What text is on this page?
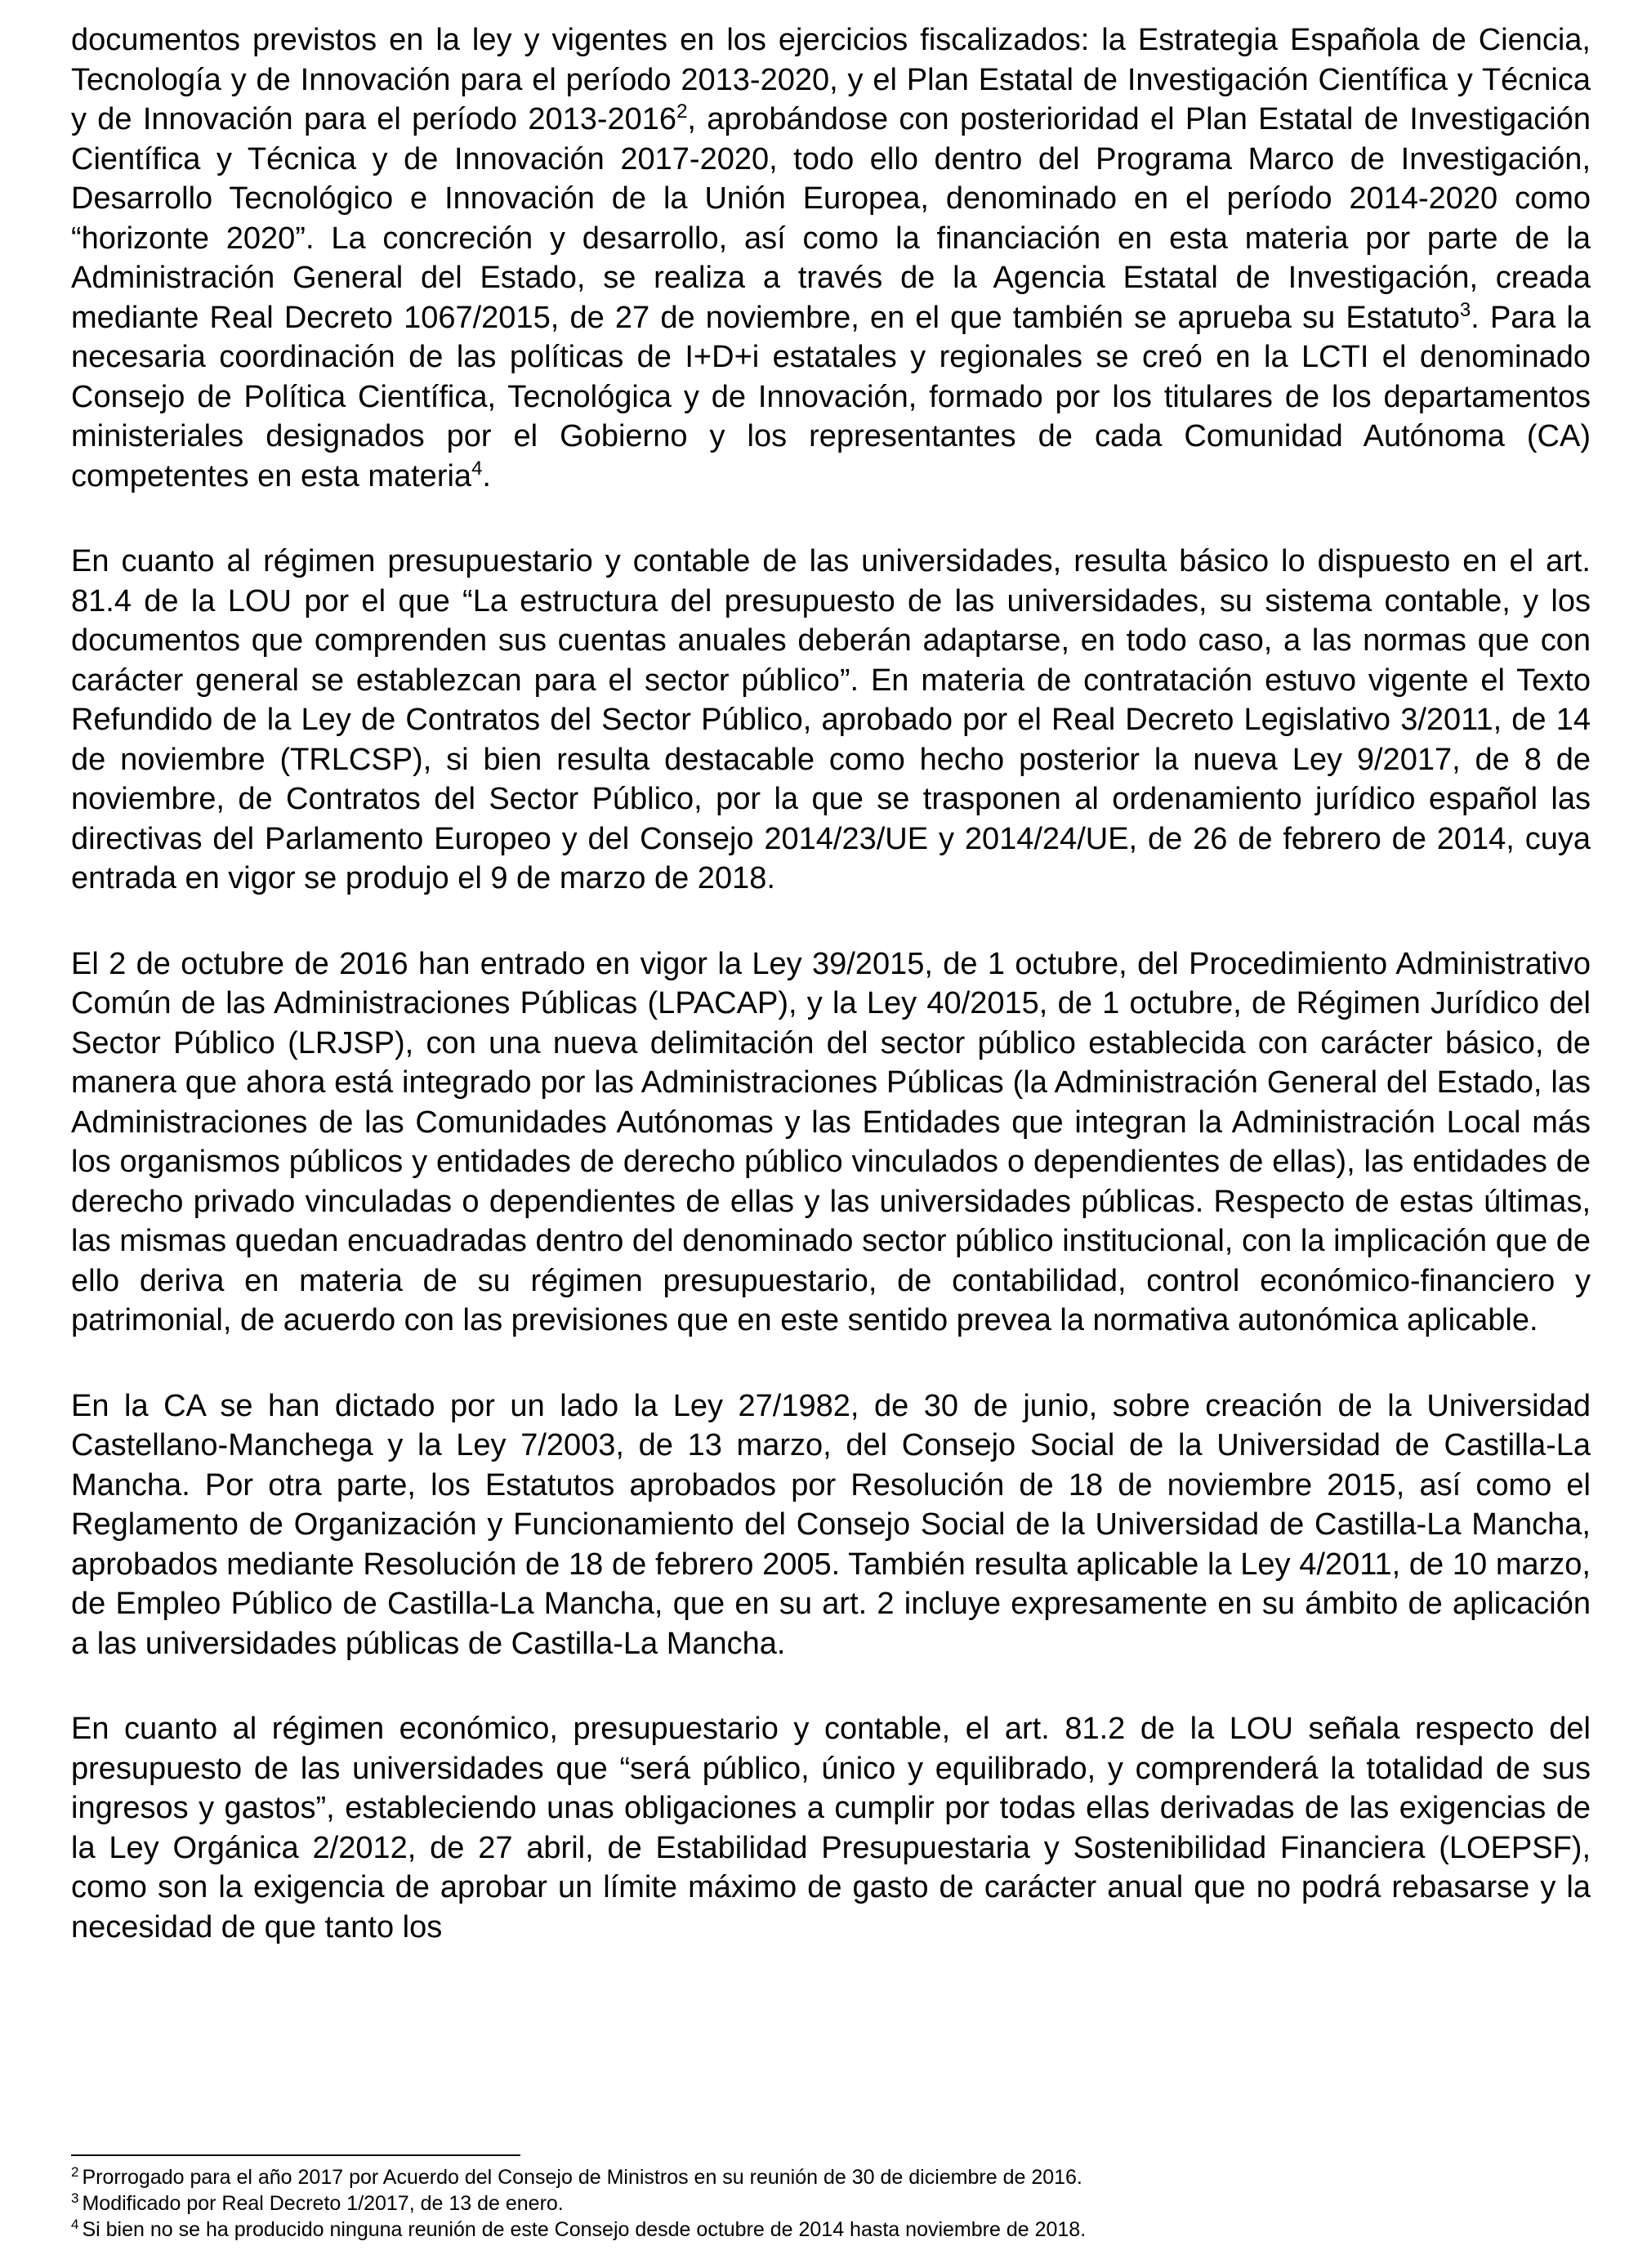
documentos previstos en la ley y vigentes en los ejercicios fiscalizados: la Estrategia Española de Ciencia, Tecnología y de Innovación para el período 2013-2020, y el Plan Estatal de Investigación Científica y Técnica y de Innovación para el período 2013-2016$^2$, aprobándose con posterioridad el Plan Estatal de Investigación Científica y Técnica y de Innovación 2017-2020, todo ello dentro del Programa Marco de Investigación, Desarrollo Tecnológico e Innovación de la Unión Europea, denominado en el período 2014-2020 como “horizonte 2020”. La concreción y desarrollo, así como la financiación en esta materia por parte de la Administración General del Estado, se realiza a través de la Agencia Estatal de Investigación, creada mediante Real Decreto 1067/2015, de 27 de noviembre, en el que también se aprueba su Estatuto$^3$. Para la necesaria coordinación de las políticas de I+D+i estatales y regionales se creó en la LCTI el denominado Consejo de Política Científica, Tecnológica y de Innovación, formado por los titulares de los departamentos ministeriales designados por el Gobierno y los representantes de cada Comunidad Autónoma (CA) competentes en esta materia$^4$.

En cuanto al régimen presupuestario y contable de las universidades, resulta básico lo dispuesto en el art. 81.4 de la LOU por el que “La estructura del presupuesto de las universidades, su sistema contable, y los documentos que comprenden sus cuentas anuales deberán adaptarse, en todo caso, a las normas que con carácter general se establezcan para el sector público”. En materia de contratación estuvo vigente el Texto Refundido de la Ley de Contratos del Sector Público, aprobado por el Real Decreto Legislativo 3/2011, de 14 de noviembre (TRLCSP), si bien resulta destacable como hecho posterior la nueva Ley 9/2017, de 8 de noviembre, de Contratos del Sector Público, por la que se trasponen al ordenamiento jurídico español las directivas del Parlamento Europeo y del Consejo 2014/23/UE y 2014/24/UE, de 26 de febrero de 2014, cuya entrada en vigor se produjo el 9 de marzo de 2018.

El 2 de octubre de 2016 han entrado en vigor la Ley 39/2015, de 1 octubre, del Procedimiento Administrativo Común de las Administraciones Públicas (LPACAP), y la Ley 40/2015, de 1 octubre, de Régimen Jurídico del Sector Público (LRJSP), con una nueva delimitación del sector público establecida con carácter básico, de manera que ahora está integrado por las Administraciones Públicas (la Administración General del Estado, las Administraciones de las Comunidades Autónomas y las Entidades que integran la Administración Local más los organismos públicos y entidades de derecho público vinculados o dependientes de ellas), las entidades de derecho privado vinculadas o dependientes de ellas y las universidades públicas. Respecto de estas últimas, las mismas quedan encuadradas dentro del denominado sector público institucional, con la implicación que de ello deriva en materia de su régimen presupuestario, de contabilidad, control económico-financiero y patrimonial, de acuerdo con las previsiones que en este sentido prevea la normativa autonómica aplicable.

En la CA se han dictado por un lado la Ley 27/1982, de 30 de junio, sobre creación de la Universidad Castellano-Manchega y la Ley 7/2003, de 13 marzo, del Consejo Social de la Universidad de Castilla-La Mancha. Por otra parte, los Estatutos aprobados por Resolución de 18 de noviembre 2015, así como el Reglamento de Organización y Funcionamiento del Consejo Social de la Universidad de Castilla-La Mancha, aprobados mediante Resolución de 18 de febrero 2005. También resulta aplicable la Ley 4/2011, de 10 marzo, de Empleo Público de Castilla-La Mancha, que en su art. 2 incluye expresamente en su ámbito de aplicación a las universidades públicas de Castilla-La Mancha.

En cuanto al régimen económico, presupuestario y contable, el art. 81.2 de la LOU señala respecto del presupuesto de las universidades que “será público, único y equilibrado, y comprenderá la totalidad de sus ingresos y gastos”, estableciendo unas obligaciones a cumplir por todas ellas derivadas de las exigencias de la Ley Orgánica 2/2012, de 27 abril, de Estabilidad Presupuestaria y Sostenibilidad Financiera (LOEPSF), como son la exigencia de aprobar un límite máximo de gasto de carácter anual que no podrá rebasarse y la necesidad de que tanto los

$^2$ Prorrogado para el año 2017 por Acuerdo del Consejo de Ministros en su reunión de 30 de diciembre de 2016.

$^3$ Modificado por Real Decreto 1/2017, de 13 de enero.

$^4$ Si bien no se ha producido ninguna reunión de este Consejo desde octubre de 2014 hasta noviembre de 2018.
